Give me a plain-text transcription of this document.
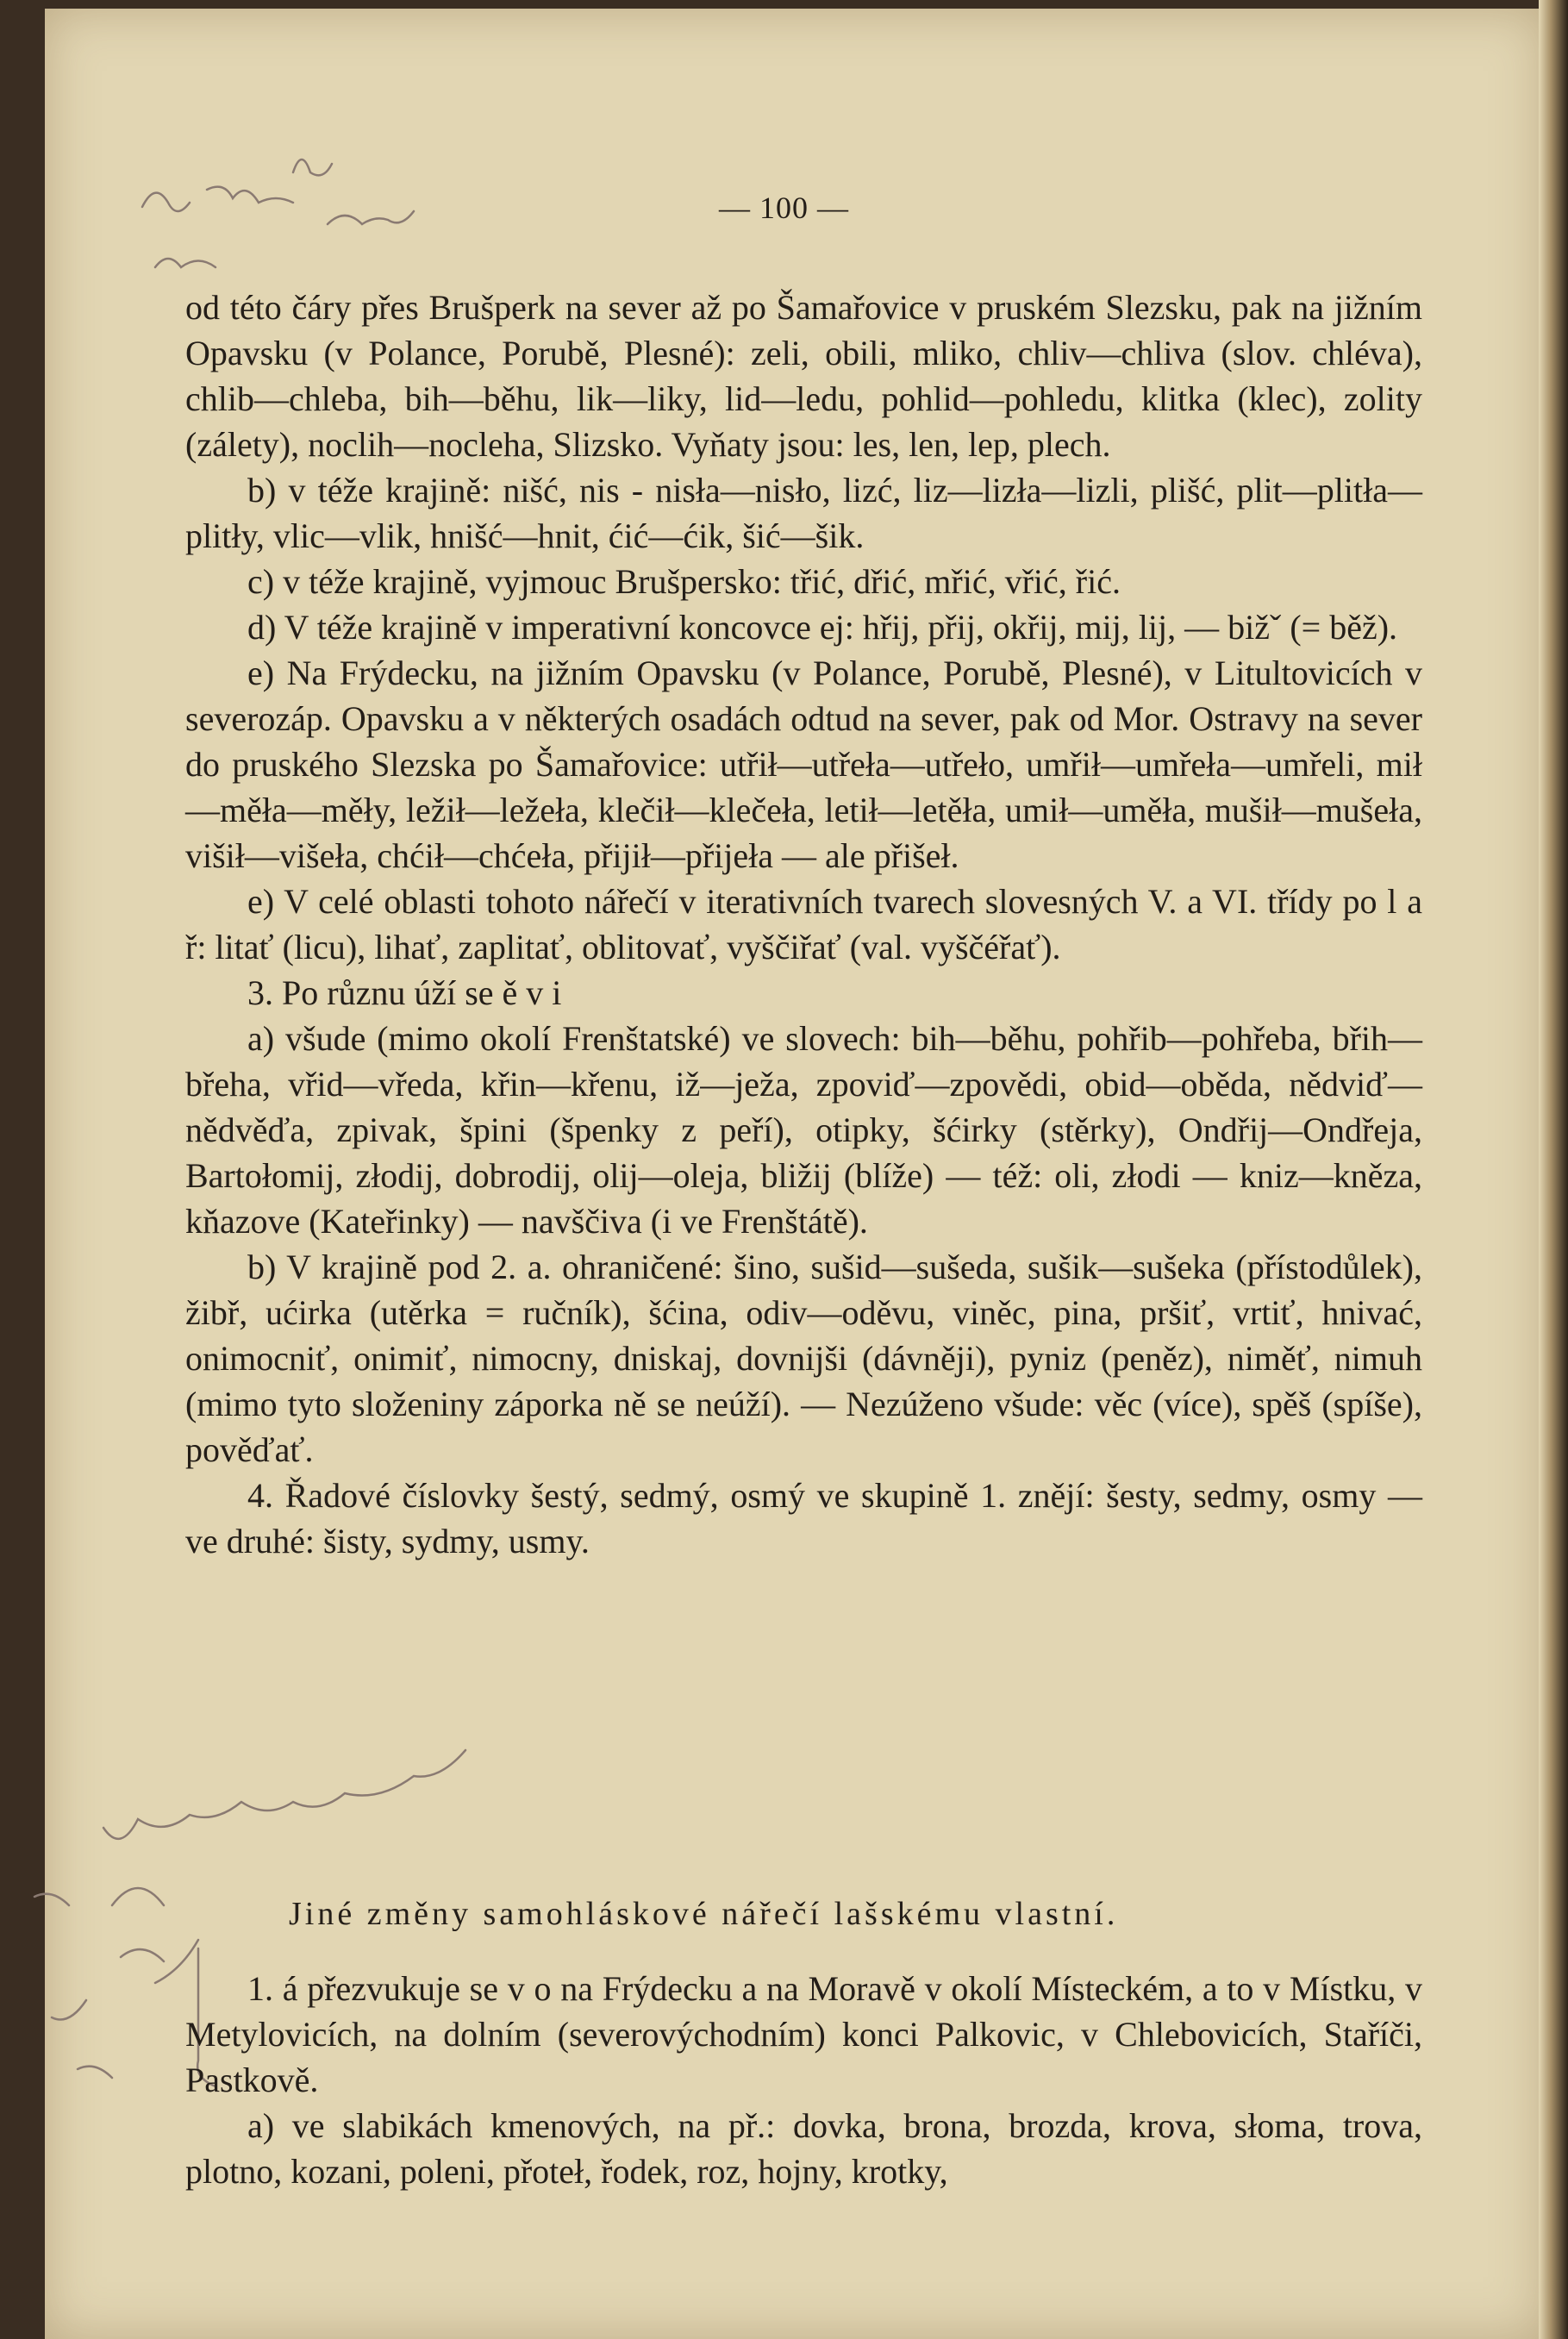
— 100 —

od této čáry přes Brušperk na sever až po Šamařovice v pruském Slezsku, pak na jižním Opavsku (v Polance, Porubě, Plesné): zeli, obili, mliko, chliv—chliva (slov. chléva), chlib—chleba, bih—běhu, lik—liky, lid—ledu, pohlid—pohledu, klitka (klec), zolity (zálety), noclih—nocleha, Slizsko. Vyňaty jsou: les, len, lep, plech.

b) v téže krajině: nišć, nis - nisła—nisło, lizć, liz—lizła—lizli, plišć, plit—plitła—plitły, vlic—vlik, hnišć—hnit, ćić—ćik, šić—šik.

c) v téže krajině, vyjmouc Brušpersko: třić, dřić, mřić, vřić, řić.

d) V téže krajině v imperativní koncovce ej: hřij, přij, okřij, mij, lij, — bižˇ (= běž).

e) Na Frýdecku, na jižním Opavsku (v Polance, Porubě, Plesné), v Litultovicích v severozáp. Opavsku a v některých osadách odtud na sever, pak od Mor. Ostravy na sever do pruského Slezska po Šamařovice: utřił—utřeła—utřeło, umřił—umřeła—umřeli, mił—měła—měły, ležił—ležeła, klečił—klečeła, letił—letěła, umił—uměła, mušił—mušeła, višił—višeła, chćił—chćeła, přijił—přijeła — ale přišeł.

e) V celé oblasti tohoto nářečí v iterativních tvarech slovesných V. a VI. třídy po l a ř: litať (licu), lihať, zaplitať, oblitovať, vyščiřať (val. vyščéřať).

3. Po různu úží se ě v i

a) všude (mimo okolí Frenštatské) ve slovech: bih—běhu, pohřib—pohřeba, břih—břeha, vřid—vředa, křin—křenu, iž—ježa, zpoviď—zpovědi, obid—oběda, nědviď—nědvěďa, zpivak, špini (špenky z peří), otipky, šćirky (stěrky), Ondřij—Ondřeja, Bartołomij, złodij, dobrodij, olij—oleja, bližij (blíže) — též: oli, złodi — kniz—kněza, kňazove (Kateřinky) — navščiva (i ve Frenštátě).

b) V krajině pod 2. a. ohraničené: šino, sušid—sušeda, sušik—sušeka (přístodůlek), žibř, ućirka (utěrka = ručník), šćina, odiv—oděvu, viněc, pina, pršiť, vrtiť, hnivać, onimocniť, onimiť, nimocny, dniskaj, dovnijši (dávněji), pyniz (peněz), niměť, nimuh (mimo tyto složeniny záporka ně se neúží). — Nezúženo všude: věc (více), spěš (spíše), pověďať.

4. Řadové číslovky šestý, sedmý, osmý ve skupině 1. znějí: šesty, sedmy, osmy — ve druhé: šisty, sydmy, usmy.

Jiné změny samohláskové nářečí lašskému vlastní.

1. á přezvukuje se v o na Frýdecku a na Moravě v okolí Místeckém, a to v Místku, v Metylovicích, na dolním (severovýchodním) konci Palkovic, v Chlebovicích, Staříči, Pastkově.

a) ve slabikách kmenových, na př.: dovka, brona, brozda, krova, słoma, trova, plotno, kozani, poleni, přoteł, řodek, roz, hojny, krotky,
